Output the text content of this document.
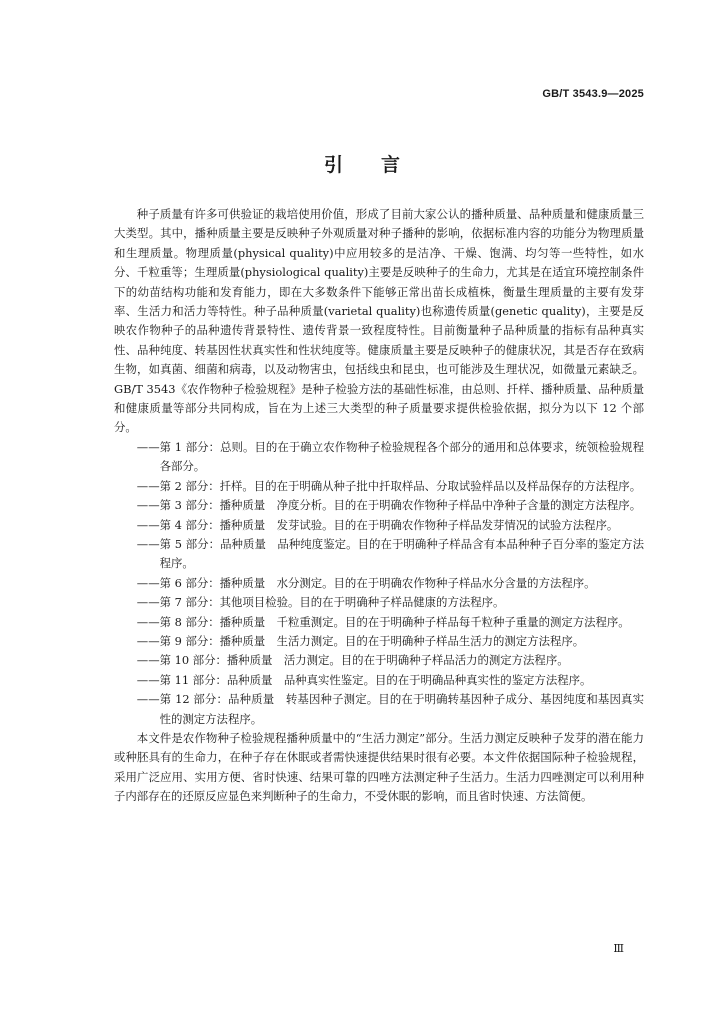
GB/T 3543.9—2025
引言

种子质量有许多可供验证的栽培使用价值，形成了目前大家公认的播种质量、品种质量和健康质量三大类型。其中，播种质量主要是反映种子外观质量对种子播种的影响，依据标准内容的功能分为物理质量和生理质量。物理质量(physical quality)中应用较多的是洁净、干燥、饱满、均匀等一些特性，如水分、千粒重等；生理质量(physiological quality)主要是反映种子的生命力，尤其是在适宜环境控制条件下的幼苗结构功能和发育能力，即在大多数条件下能够正常出苗长成植株，衡量生理质量的主要有发芽率、生活力和活力等特性。种子品种质量(varietal quality)也称遗传质量(genetic quality)，主要是反映农作物种子的品种遗传背景特性、遗传背景一致程度特性。目前衡量种子品种质量的指标有品种真实性、品种纯度、转基因性状真实性和性状纯度等。健康质量主要是反映种子的健康状况，其是否存在致病生物，如真菌、细菌和病毒，以及动物害虫，包括线虫和昆虫，也可能涉及生理状况，如微量元素缺乏。GB/T 3543《农作物种子检验规程》是种子检验方法的基础性标准，由总则、扦样、播种质量、品种质量和健康质量等部分共同构成，旨在为上述三大类型的种子质量要求提供检验依据，拟分为以下 12 个部分。

——第 1 部分：总则。目的在于确立农作物种子检验规程各个部分的通用和总体要求，统领检验规程各部分。
——第 2 部分：扦样。目的在于明确从种子批中扦取样品、分取试验样品以及样品保存的方法程序。
——第 3 部分：播种质量　净度分析。目的在于明确农作物种子样品中净种子含量的测定方法程序。
——第 4 部分：播种质量　发芽试验。目的在于明确农作物种子样品发芽情况的试验方法程序。
——第 5 部分：品种质量　品种纯度鉴定。目的在于明确种子样品含有本品种种子百分率的鉴定方法程序。
——第 6 部分：播种质量　水分测定。目的在于明确农作物种子样品水分含量的方法程序。
——第 7 部分：其他项目检验。目的在于明确种子样品健康的方法程序。
——第 8 部分：播种质量　千粒重测定。目的在于明确种子样品每千粒种子重量的测定方法程序。
——第 9 部分：播种质量　生活力测定。目的在于明确种子样品生活力的测定方法程序。
——第 10 部分：播种质量　活力测定。目的在于明确种子样品活力的测定方法程序。
——第 11 部分：品种质量　品种真实性鉴定。目的在于明确品种真实性的鉴定方法程序。
——第 12 部分：品种质量　转基因种子测定。目的在于明确转基因种子成分、基因纯度和基因真实性的测定方法程序。

本文件是农作物种子检验规程播种质量中的“生活力测定”部分。生活力测定反映种子发芽的潜在能力或种胚具有的生命力，在种子存在休眠或者需快速提供结果时很有必要。本文件依据国际种子检验规程，采用广泛应用、实用方便、省时快速、结果可靠的四唑方法测定种子生活力。生活力四唑测定可以利用种子内部存在的还原反应显色来判断种子的生命力，不受休眠的影响，而且省时快速、方法简便。

Ⅲ
